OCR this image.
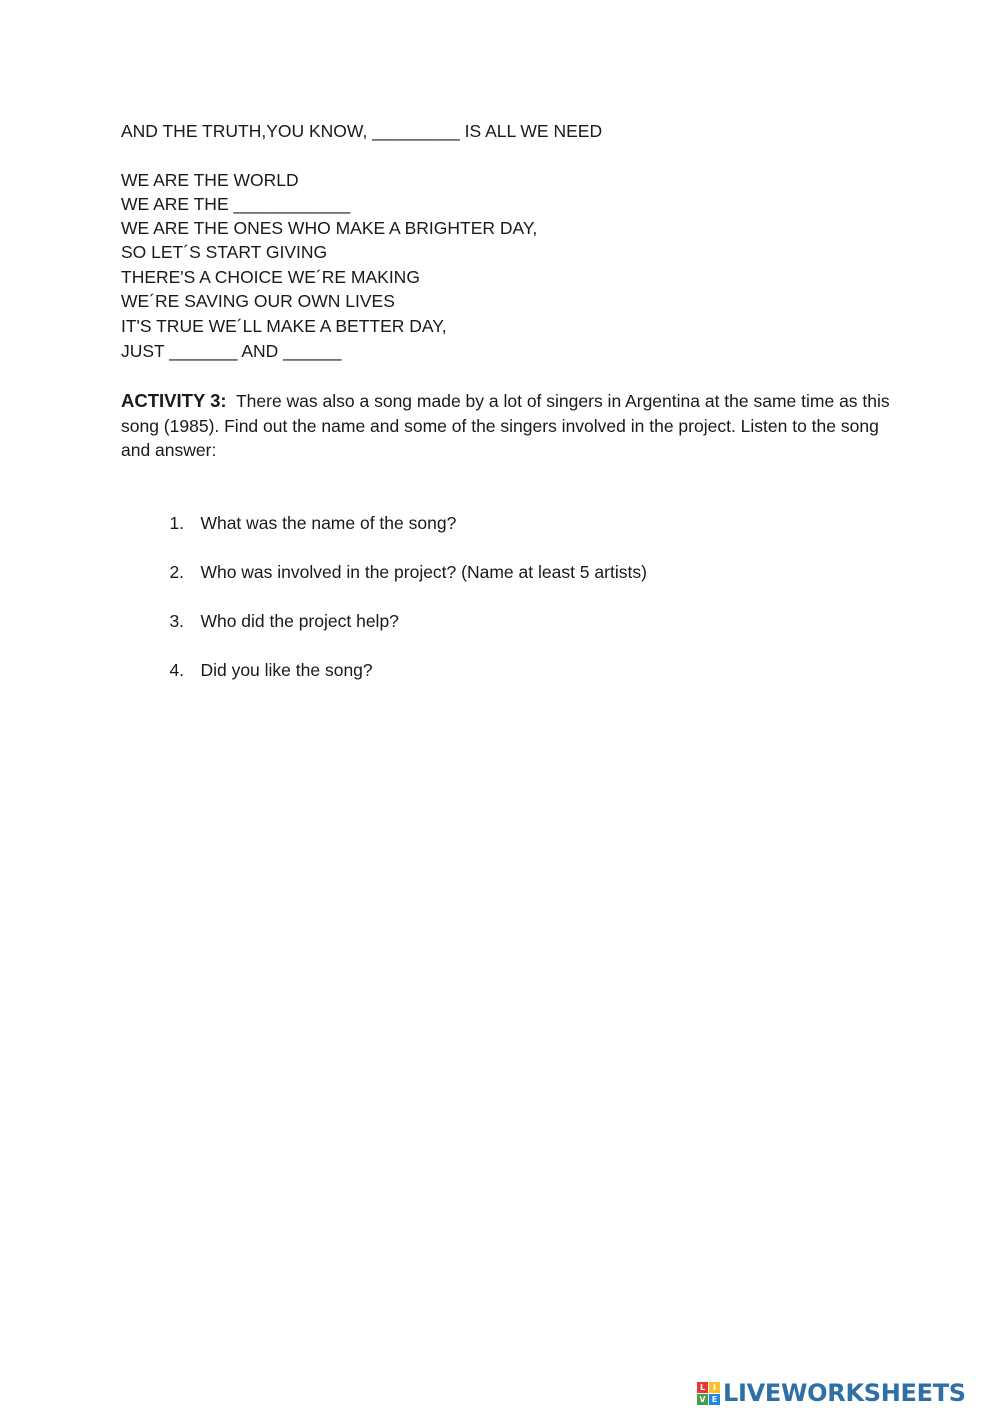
AND THE TRUTH,YOU KNOW, _________ IS ALL WE NEED
WE ARE THE WORLD
WE ARE THE ____________
WE ARE THE ONES WHO MAKE A BRIGHTER DAY,
SO LET´S START GIVING
THERE'S A CHOICE WE´RE MAKING
WE´RE SAVING OUR OWN LIVES
IT'S TRUE WE´LL MAKE A BETTER DAY,
JUST _______ AND ______
ACTIVITY 3: There was also a song made by a lot of singers in Argentina at the same time as this song (1985). Find out the name and some of the singers involved in the project. Listen to the song and answer:

1. What was the name of the song?

2. Who was involved in the project? (Name at least 5 artists)

3. Who did the project help?

4. Did you like the song?

L I
V E LIVEWORKSHEETS
